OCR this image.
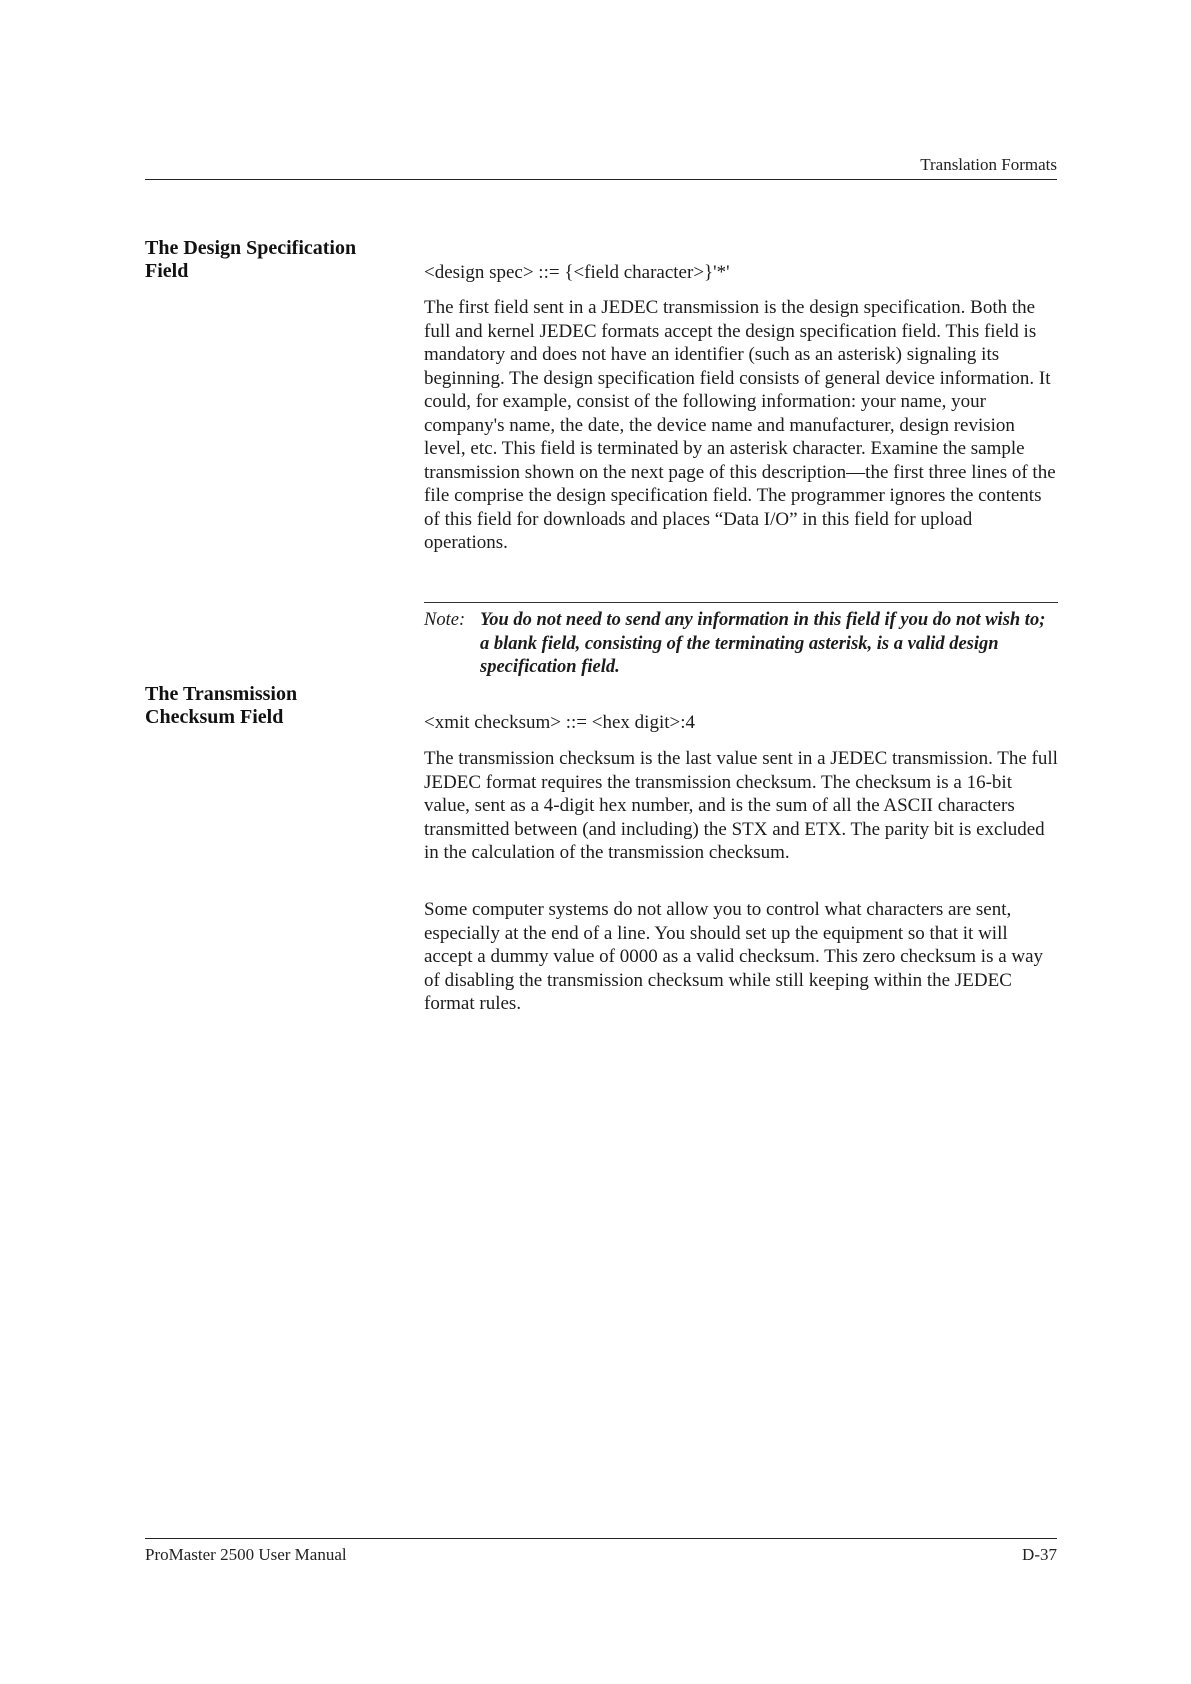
Translation Formats
The Design Specification Field	<design spec> ::= {<field character>}'*'
The first field sent in a JEDEC transmission is the design specification. Both the full and kernel JEDEC formats accept the design specification field. This field is mandatory and does not have an identifier (such as an asterisk) signaling its beginning. The design specification field consists of general device information. It could, for example, consist of the following information: your name, your company's name, the date, the device name and manufacturer, design revision level, etc. This field is terminated by an asterisk character. Examine the sample transmission shown on the next page of this description—the first three lines of the file comprise the design specification field. The programmer ignores the contents of this field for downloads and places “Data I/O” in this field for upload operations.
Note: You do not need to send any information in this field if you do not wish to; a blank field, consisting of the terminating asterisk, is a valid design specification field.
The Transmission Checksum Field	<xmit checksum> ::= <hex digit>:4
The transmission checksum is the last value sent in a JEDEC transmission. The full JEDEC format requires the transmission checksum. The checksum is a 16-bit value, sent as a 4-digit hex number, and is the sum of all the ASCII characters transmitted between (and including) the STX and ETX. The parity bit is excluded in the calculation of the transmission checksum.
Some computer systems do not allow you to control what characters are sent, especially at the end of a line. You should set up the equipment so that it will accept a dummy value of 0000 as a valid checksum. This zero checksum is a way of disabling the transmission checksum while still keeping within the JEDEC format rules.
ProMaster 2500 User Manual	D-37
